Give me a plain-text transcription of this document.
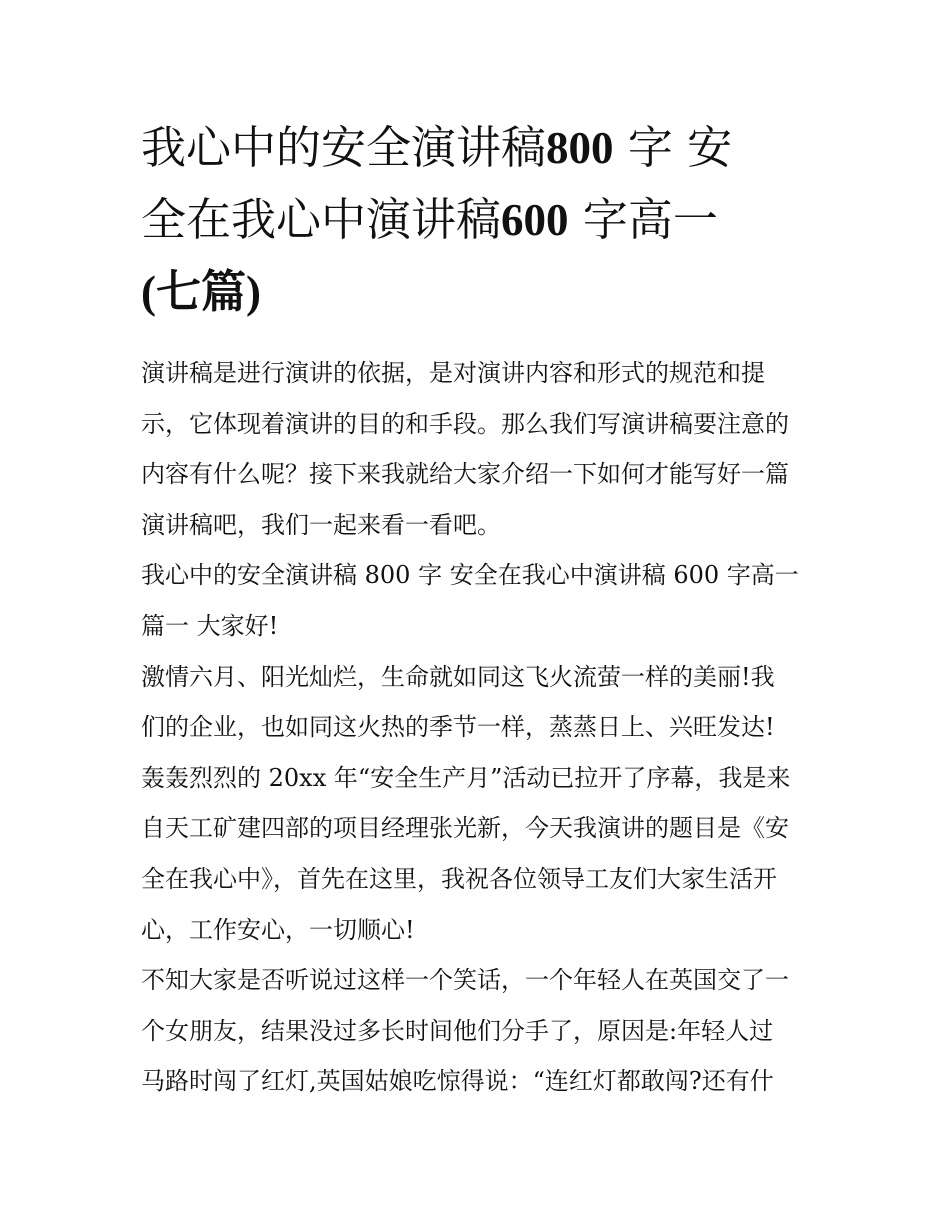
我心中的安全演讲稿800 字 安
全在我心中演讲稿600 字高一
(七篇)

演讲稿是进行演讲的依据，是对演讲内容和形式的规范和提
示，它体现着演讲的目的和手段。那么我们写演讲稿要注意的
内容有什么呢？接下来我就给大家介绍一下如何才能写好一篇
演讲稿吧，我们一起来看一看吧。

我心中的安全演讲稿 800 字 安全在我心中演讲稿 600 字高一

篇一 大家好!

激情六月、阳光灿烂，生命就如同这飞火流萤一样的美丽!我
们的企业，也如同这火热的季节一样，蒸蒸日上、兴旺发达!
轰轰烈烈的 20xx 年“安全生产月”活动已拉开了序幕，我是来
自天工矿建四部的项目经理张光新，今天我演讲的题目是《安
全在我心中》，首先在这里，我祝各位领导工友们大家生活开
心，工作安心，一切顺心!

不知大家是否听说过这样一个笑话，一个年轻人在英国交了一
个女朋友，结果没过多长时间他们分手了，原因是:年轻人过
马路时闯了红灯,英国姑娘吃惊得说：“连红灯都敢闯?还有什
